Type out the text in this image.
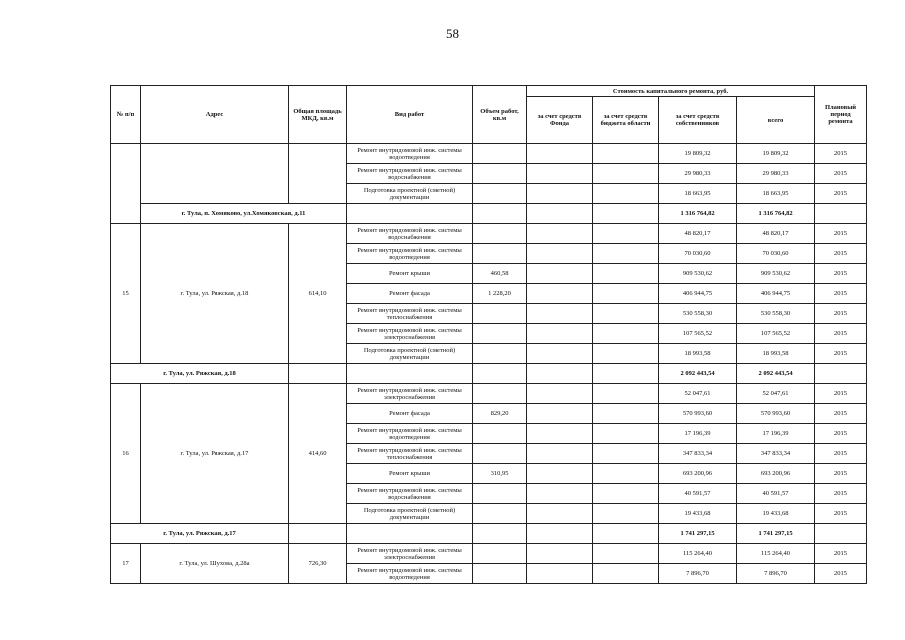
58
№ п/п	Адрес	Общая площадь МКД, кв.м	Вид работ	Объем работ, кв.м	Стоимость капитального ремонта, руб.				Плановый период ремонта
					за счет средств Фонда	за счет средств бюджета области	за счет средств собственников	всего	
			Ремонт внутридомовой инж. системы водоотведения				19 809,32	19 809,32	2015
			Ремонт внутридомовой инж. системы водоснабжения				29 980,33	29 980,33	2015
			Подготовка проектной (сметной) документации				18 663,95	18 663,95	2015
	г. Тула, п. Хомяково, ул.Хомяковская, д.11						1 316 764,82	1 316 764,82	
15	г. Тула, ул. Ряжская, д.18	614,10	Ремонт внутридомовой инж. системы водоснабжения				48 820,17	48 820,17	2015
			Ремонт внутридомовой инж. системы водоотведения				70 030,60	70 030,60	2015
			Ремонт крыши	460,58			909 530,62	909 530,62	2015
			Ремонт фасада	1 228,20			406 944,75	406 944,75	2015
			Ремонт внутридомовой инж. системы теплоснабжения				530 558,30	530 558,30	2015
			Ремонт внутридомовой инж. системы электроснабжения				107 565,52	107 565,52	2015
			Подготовка проектной (сметной) документации				18 993,58	18 993,58	2015
г. Тула, ул. Ряжская, д.18							2 092 443,54	2 092 443,54	
16	г. Тула, ул. Ряжская, д.17	414,60	Ремонт внутридомовой инж. системы электроснабжения				52 047,61	52 047,61	2015
			Ремонт фасада	829,20			570 993,60	570 993,60	2015
			Ремонт внутридомовой инж. системы водоотведения				17 196,39	17 196,39	2015
			Ремонт внутридомовой инж. системы теплоснабжения				347 833,34	347 833,34	2015
			Ремонт крыши	310,95			693 200,96	693 200,96	2015
			Ремонт внутридомовой инж. системы водоснабжения				40 591,57	40 591,57	2015
			Подготовка проектной (сметной) документации				19 433,68	19 433,68	2015
г. Тула, ул. Ряжская, д.17							1 741 297,15	1 741 297,15	
17	г. Тула, ул. Шухова, д.28а	726,30	Ремонт внутридомовой инж. системы электроснабжения				115 264,40	115 264,40	2015
			Ремонт внутридомовой инж. системы водоотведения				7 896,70	7 896,70	2015
